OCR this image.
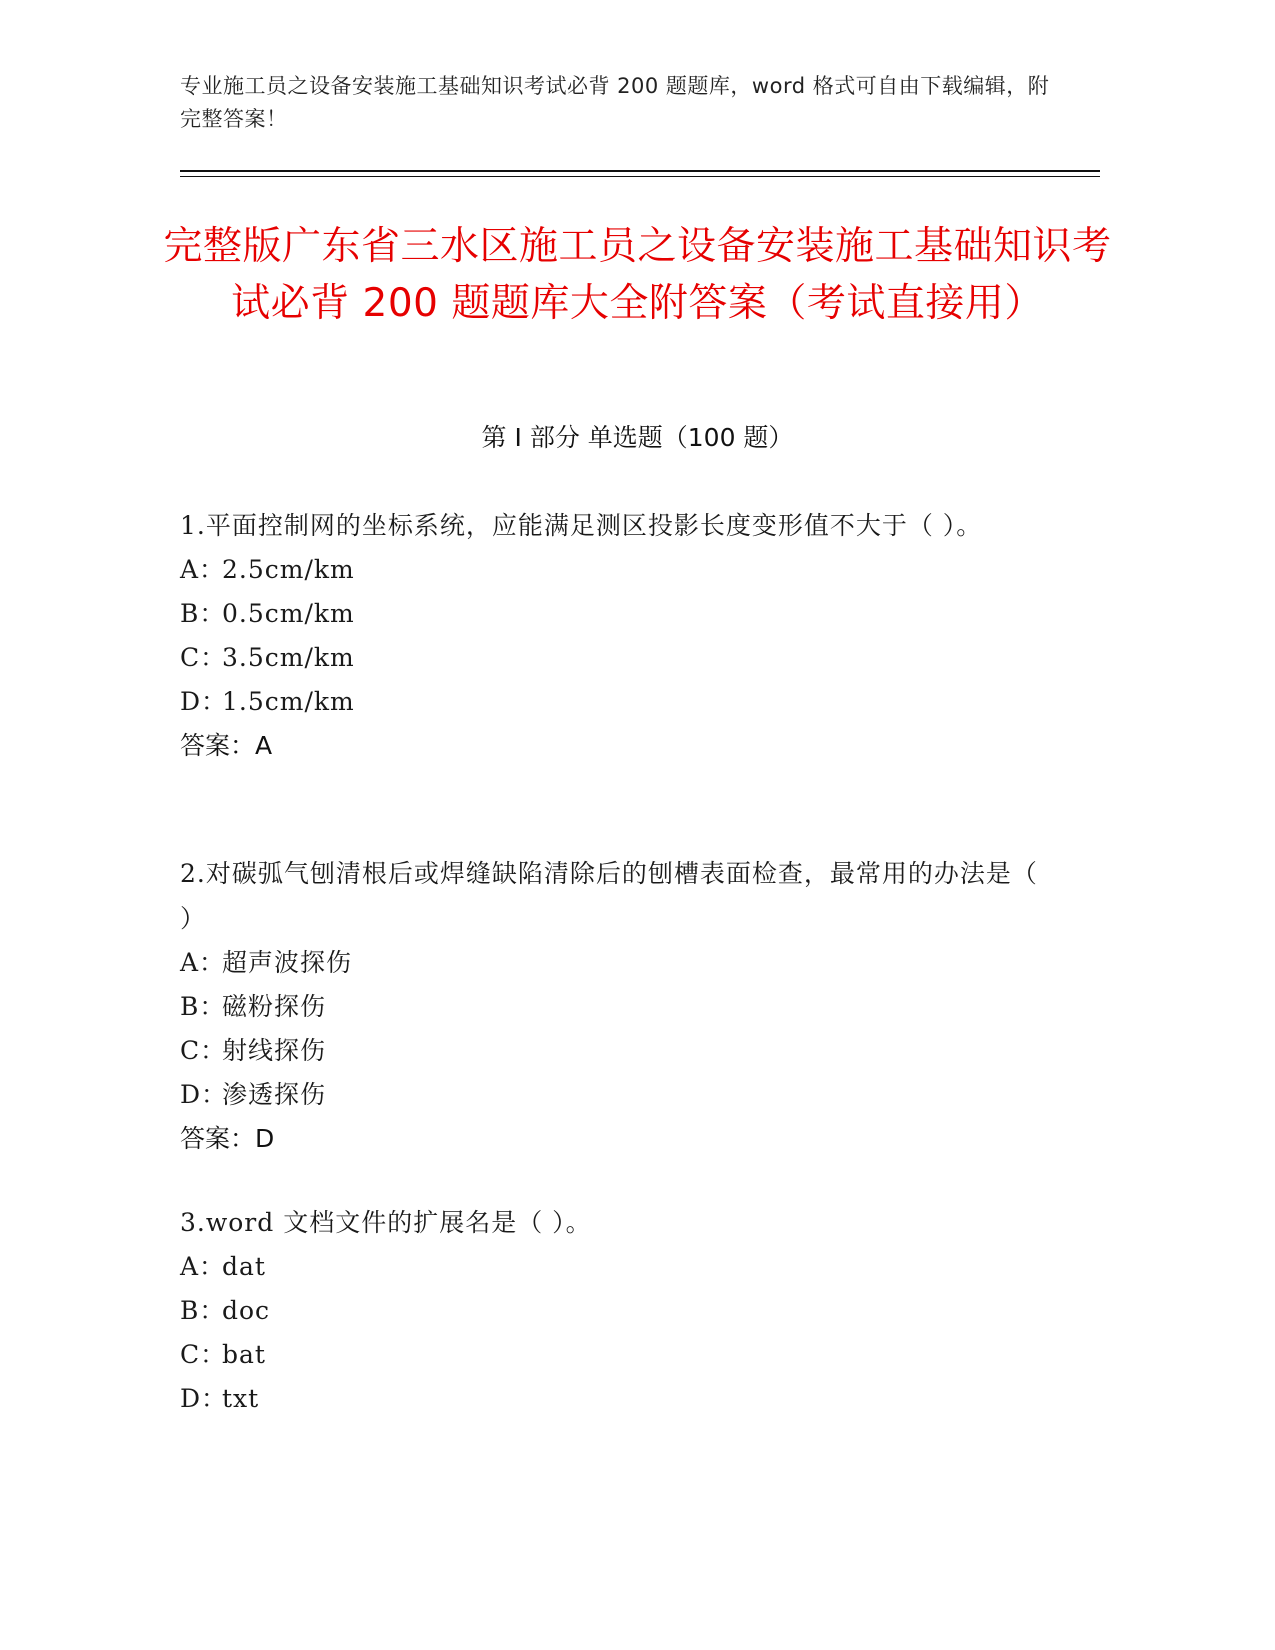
专业施工员之设备安装施工基础知识考试必背 200 题题库，word 格式可自由下载编辑，附完整答案！
完整版广东省三水区施工员之设备安装施工基础知识考试必背 200 题题库大全附答案（考试直接用）
第 I 部分 单选题（100 题）

1.平面控制网的坐标系统，应能满足测区投影长度变形值不大于（ ）。

A：2.5cm/km

B：0.5cm/km

C：3.5cm/km

D：1.5cm/km

答案：A

2.对碳弧气刨清根后或焊缝缺陷清除后的刨槽表面检查，最常用的办法是（ ）

A：超声波探伤

B：磁粉探伤

C：射线探伤

D：渗透探伤

答案：D

3.word 文档文件的扩展名是（ ）。

A：dat

B：doc

C：bat

D：txt
